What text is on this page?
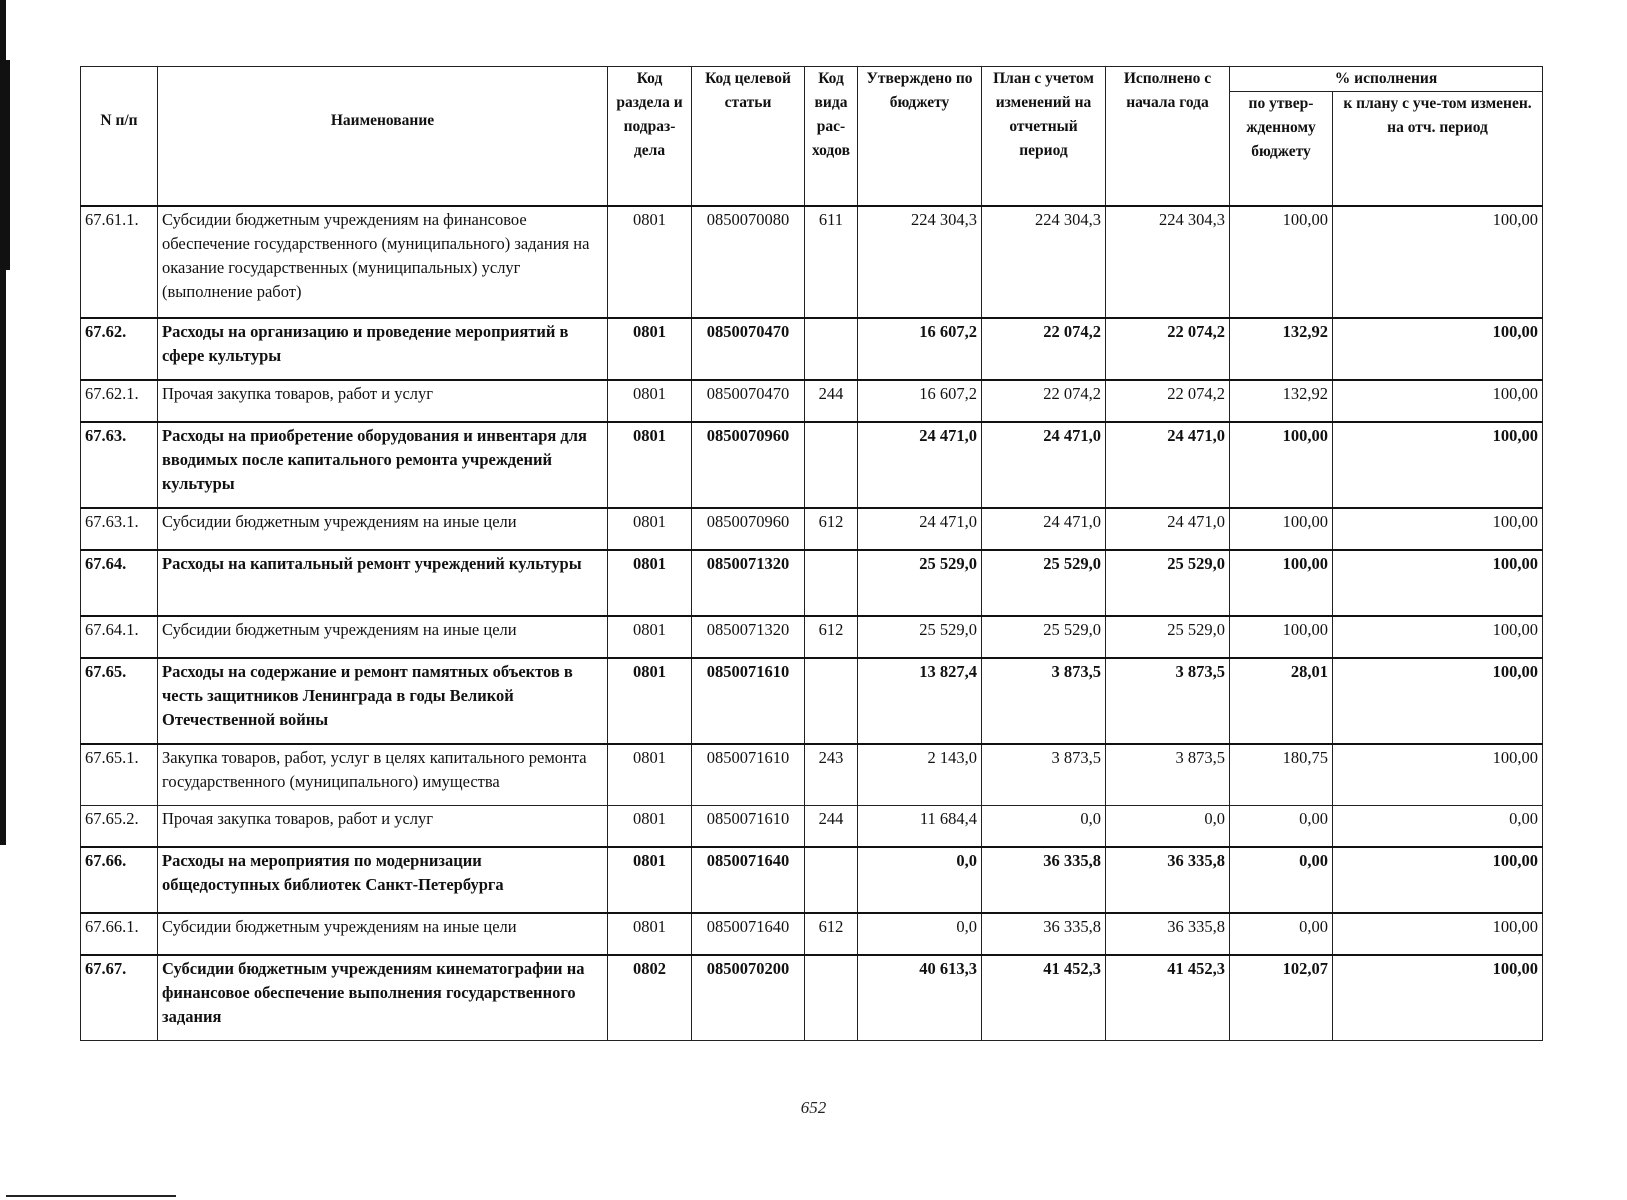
N п/п	Наименование	Код раздела и подраз-дела	Код целевой статьи	Код вида рас-ходов	Утверждено по бюджету	План с учетом изменений на отчетный период	Исполнено с начала года	% исполнения	
								по утвер-жденному бюджету	к плану с уче-том изменен. на отч. период
67.61.1.	Субсидии бюджетным учреждениям на финансовое обеспечение государственного (муниципального) задания на оказание государственных (муниципальных) услуг (выполнение работ)	0801	0850070080	611	224 304,3	224 304,3	224 304,3	100,00	100,00
67.62.	Расходы на организацию и проведение мероприятий в сфере культуры	0801	0850070470		16 607,2	22 074,2	22 074,2	132,92	100,00
67.62.1.	Прочая закупка товаров, работ и услуг	0801	0850070470	244	16 607,2	22 074,2	22 074,2	132,92	100,00
67.63.	Расходы на приобретение оборудования и инвентаря для вводимых после капитального ремонта учреждений культуры	0801	0850070960		24 471,0	24 471,0	24 471,0	100,00	100,00
67.63.1.	Субсидии бюджетным учреждениям на иные цели	0801	0850070960	612	24 471,0	24 471,0	24 471,0	100,00	100,00
67.64.	Расходы на капитальный ремонт учреждений культуры	0801	0850071320		25 529,0	25 529,0	25 529,0	100,00	100,00
67.64.1.	Субсидии бюджетным учреждениям на иные цели	0801	0850071320	612	25 529,0	25 529,0	25 529,0	100,00	100,00
67.65.	Расходы на содержание и ремонт памятных объектов в честь защитников Ленинграда в годы Великой Отечественной войны	0801	0850071610		13 827,4	3 873,5	3 873,5	28,01	100,00
67.65.1.	Закупка товаров, работ, услуг в целях капитального ремонта государственного (муниципального) имущества	0801	0850071610	243	2 143,0	3 873,5	3 873,5	180,75	100,00
67.65.2.	Прочая закупка товаров, работ и услуг	0801	0850071610	244	11 684,4	0,0	0,0	0,00	0,00
67.66.	Расходы на мероприятия по модернизации общедоступных библиотек Санкт-Петербурга	0801	0850071640		0,0	36 335,8	36 335,8	0,00	100,00
67.66.1.	Субсидии бюджетным учреждениям на иные цели	0801	0850071640	612	0,0	36 335,8	36 335,8	0,00	100,00
67.67.	Субсидии бюджетным учреждениям кинематографии на финансовое обеспечение выполнения государственного задания	0802	0850070200		40 613,3	41 452,3	41 452,3	102,07	100,00
652
